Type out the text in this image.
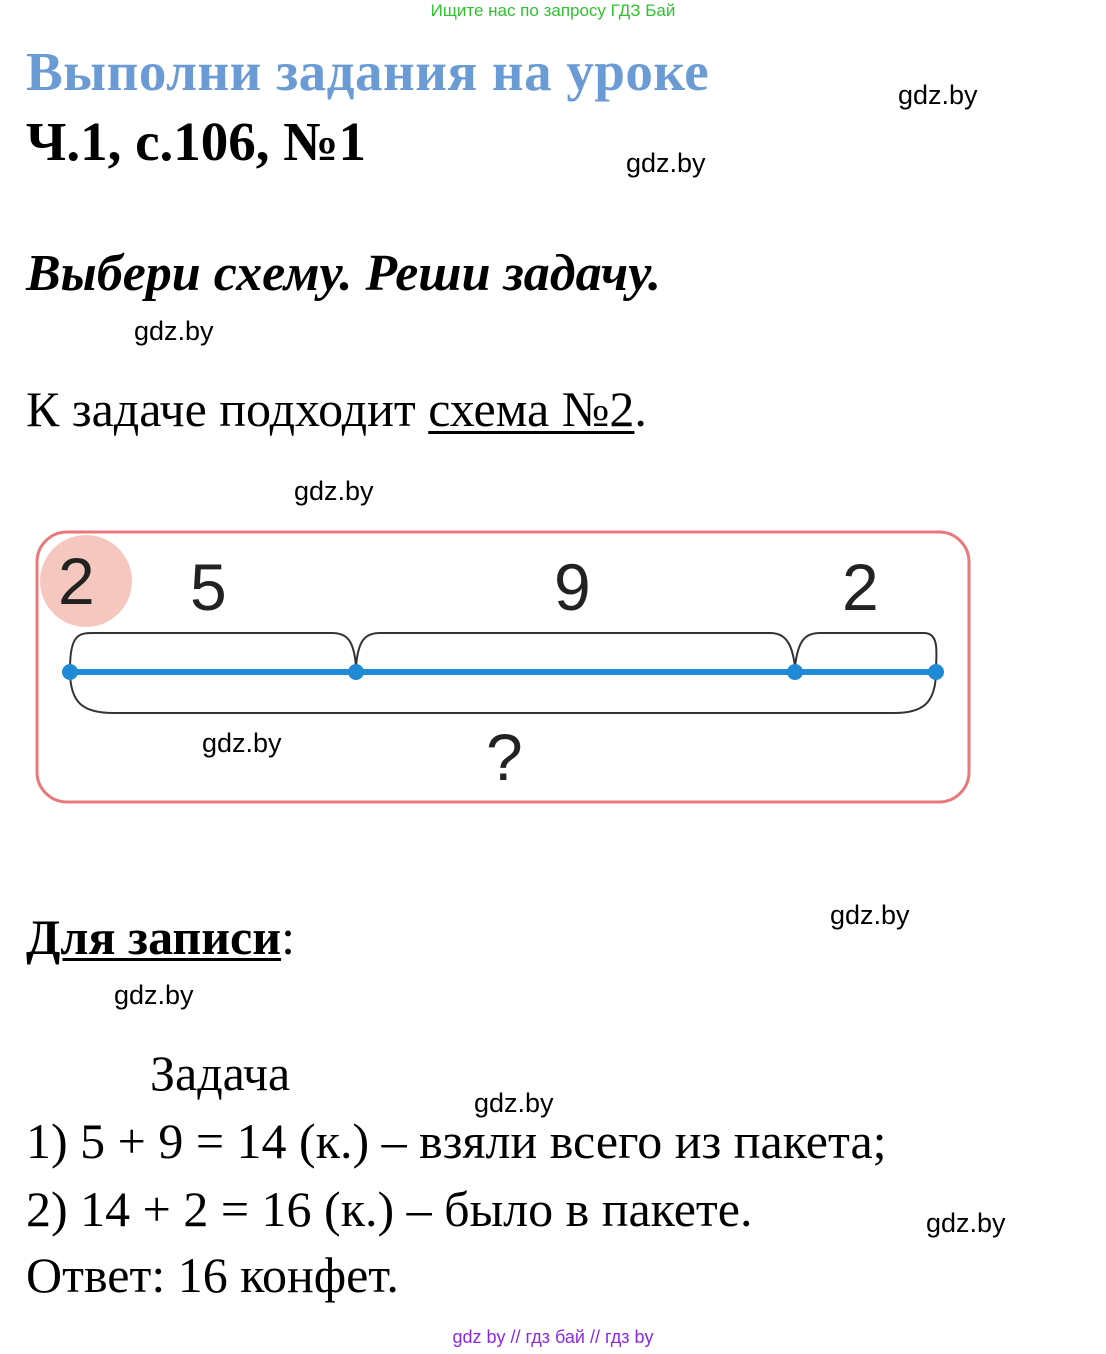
Ищите нас по запросу ГДЗ Бай
Выполни задания на уроке
Ч.1, с.106, №1
gdz.by
gdz.by
Выбери схему. Реши задачу.
gdz.by
К задаче подходит схема №2.
gdz.by
2 5	9	2
?
gdz.by
gdz.by
Для записи:
gdz.by
Задача
gdz.by
1) 5 + 9 = 14 (к.) – взяли всего из пакета;
2) 14 + 2 = 16 (к.) – было в пакете.	gdz.by
Ответ: 16 конфет.
gdz by // гдз бай // гдз by
